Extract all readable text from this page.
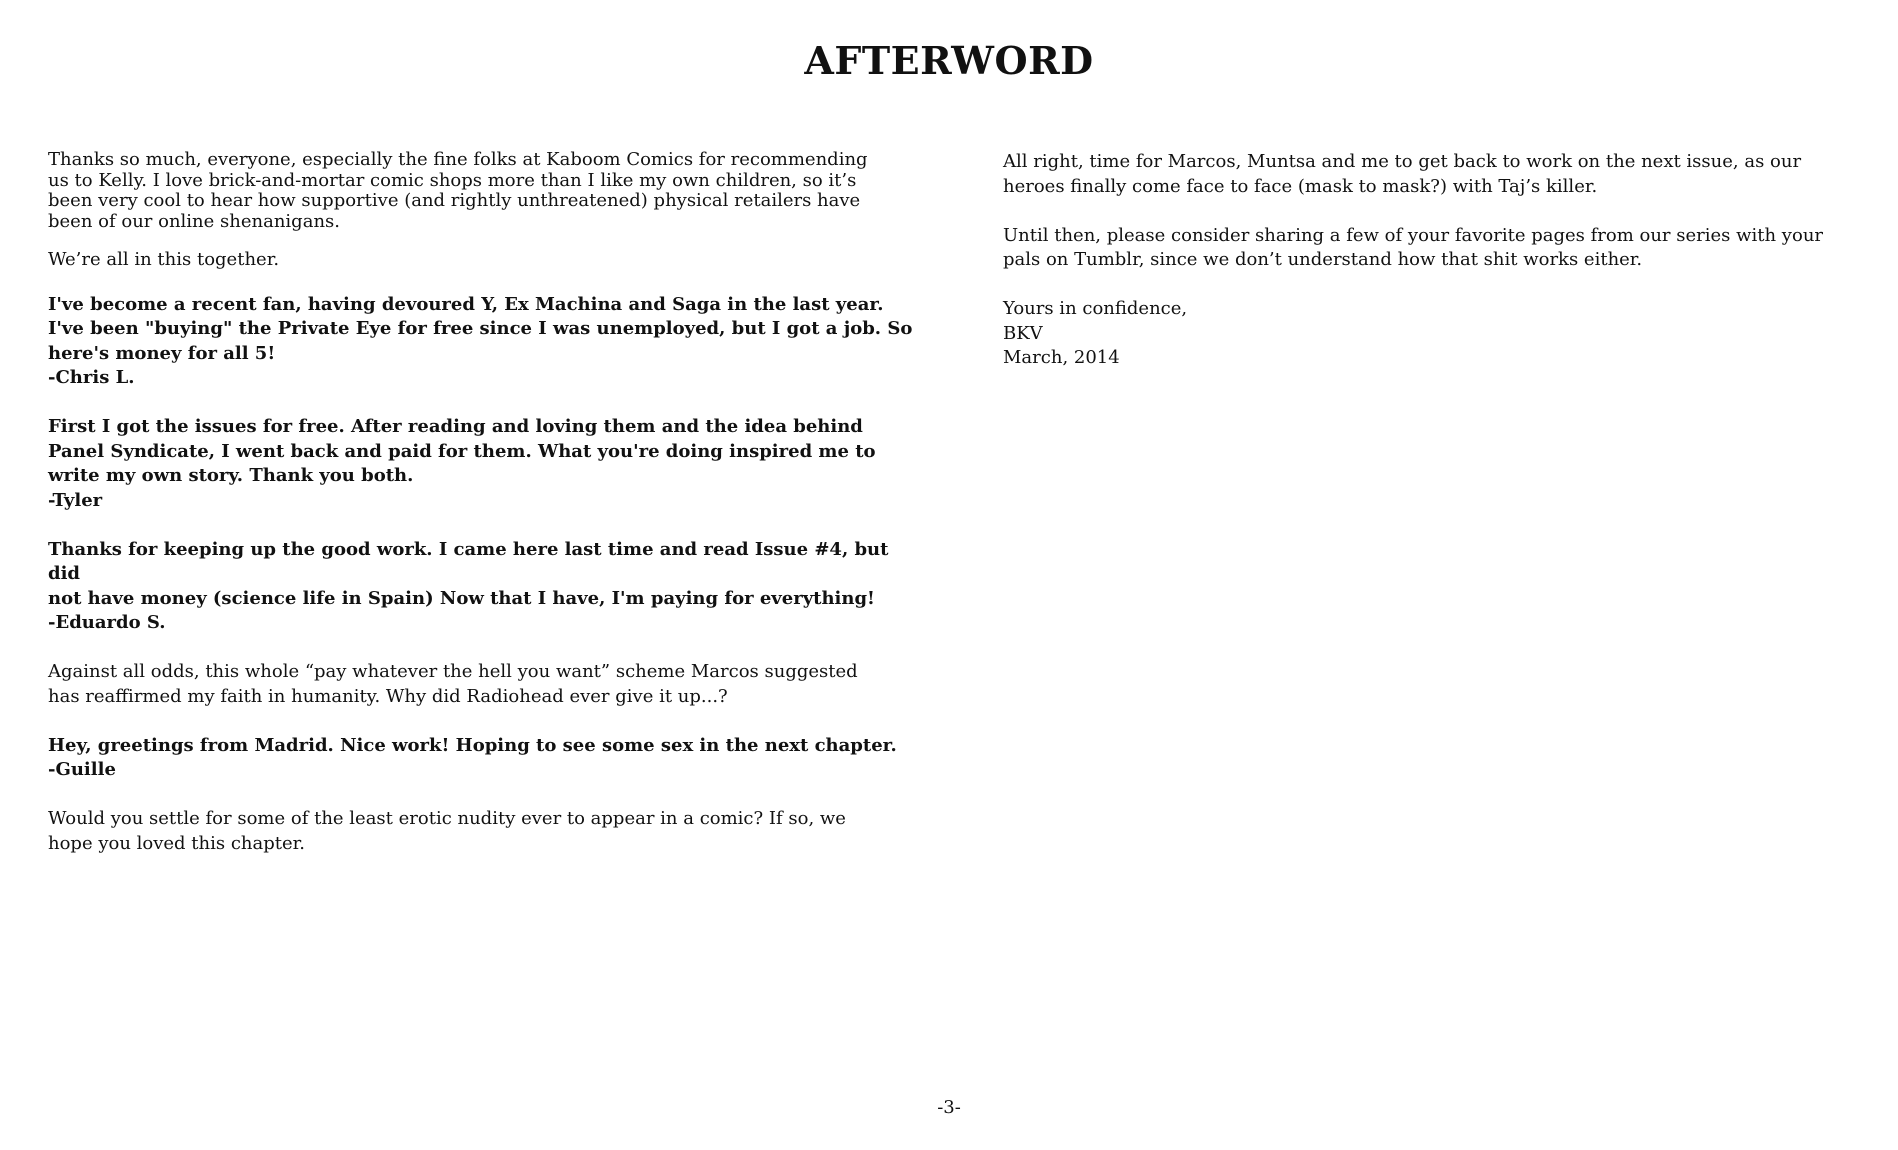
AFTERWORD

Thanks so much, everyone, especially the fine folks at Kaboom Comics for recommending
us to Kelly. I love brick-and-mortar comic shops more than I like my own children, so it’s
been very cool to hear how supportive (and rightly unthreatened) physical retailers have
been of our online shenanigans.

We’re all in this together.

I've become a recent fan, having devoured Y, Ex Machina and Saga in the last year.
I've been "buying" the Private Eye for free since I was unemployed, but I got a job. So
here's money for all 5!
-Chris L.

First I got the issues for free. After reading and loving them and the idea behind
Panel Syndicate, I went back and paid for them. What you're doing inspired me to
write my own story. Thank you both.
-Tyler

Thanks for keeping up the good work. I came here last time and read Issue #4, but did
not have money (science life in Spain) Now that I have, I'm paying for everything!
-Eduardo S.

Against all odds, this whole “pay whatever the hell you want” scheme Marcos suggested
has reaffirmed my faith in humanity. Why did Radiohead ever give it up...?

Hey, greetings from Madrid. Nice work! Hoping to see some sex in the next chapter.
-Guille

Would you settle for some of the least erotic nudity ever to appear in a comic? If so, we
hope you loved this chapter.

All right, time for Marcos, Muntsa and me to get back to work on the next issue, as our
heroes finally come face to face (mask to mask?) with Taj’s killer.

Until then, please consider sharing a few of your favorite pages from our series with your
pals on Tumblr, since we don’t understand how that shit works either.

Yours in confidence,
BKV
March, 2014

-3-
